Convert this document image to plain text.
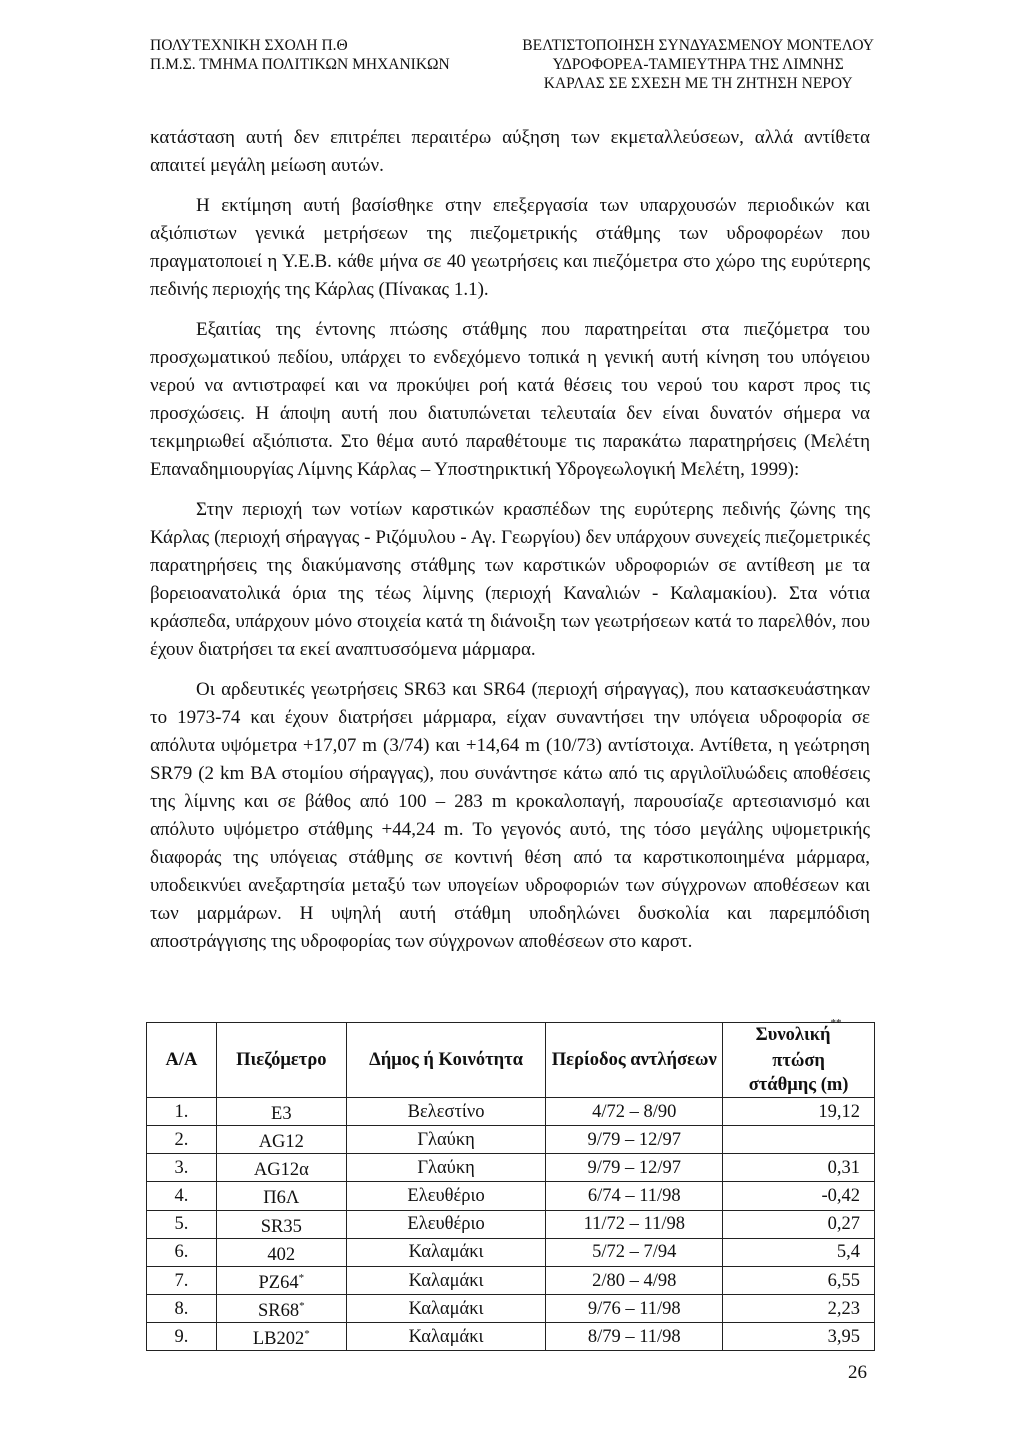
ΠΟΛΥΤΕΧΝΙΚΗ ΣΧΟΛΗ Π.Θ
Π.Μ.Σ. ΤΜΗΜΑ ΠΟΛΙΤΙΚΩΝ ΜΗΧΑΝΙΚΩΝ
ΒΕΛΤΙΣΤΟΠΟΙΗΣΗ ΣΥΝΔΥΑΣΜΕΝΟΥ ΜΟΝΤΕΛΟΥ
ΥΔΡΟΦΟΡΕΑ-ΤΑΜΙΕΥΤΗΡΑ ΤΗΣ ΛΙΜΝΗΣ
ΚΑΡΛΑΣ ΣΕ ΣΧΕΣΗ ΜΕ ΤΗ ΖΗΤΗΣΗ ΝΕΡΟΥ

κατάσταση αυτή δεν επιτρέπει περαιτέρω αύξηση των εκμεταλλεύσεων, αλλά αντίθετα απαιτεί μεγάλη μείωση αυτών.

Η εκτίμηση αυτή βασίσθηκε στην επεξεργασία των υπαρχουσών περιοδικών και αξιόπιστων γενικά μετρήσεων της πιεζομετρικής στάθμης των υδροφορέων που πραγματοποιεί η Υ.Ε.Β. κάθε μήνα σε 40 γεωτρήσεις και πιεζόμετρα στο χώρο της ευρύτερης πεδινής περιοχής της Κάρλας (Πίνακας 1.1).

Εξαιτίας της έντονης πτώσης στάθμης που παρατηρείται στα πιεζόμετρα του προσχωματικού πεδίου, υπάρχει το ενδεχόμενο τοπικά η γενική αυτή κίνηση του υπόγειου νερού να αντιστραφεί και να προκύψει ροή κατά θέσεις του νερού του καρστ προς τις προσχώσεις. Η άποψη αυτή που διατυπώνεται τελευταία δεν είναι δυνατόν σήμερα να τεκμηριωθεί αξιόπιστα. Στο θέμα αυτό παραθέτουμε τις παρακάτω παρατηρήσεις (Μελέτη Επαναδημιουργίας Λίμνης Κάρλας – Υποστηρικτική Υδρογεωλογική Μελέτη, 1999):

Στην περιοχή των νοτίων καρστικών κρασπέδων της ευρύτερης πεδινής ζώνης της Κάρλας (περιοχή σήραγγας - Ριζόμυλου - Αγ. Γεωργίου) δεν υπάρχουν συνεχείς πιεζομετρικές παρατηρήσεις της διακύμανσης στάθμης των καρστικών υδροφοριών σε αντίθεση με τα βορειοανατολικά όρια της τέως λίμνης (περιοχή Καναλιών - Καλαμακίου). Στα νότια κράσπεδα, υπάρχουν μόνο στοιχεία κατά τη διάνοιξη των γεωτρήσεων κατά το παρελθόν, που έχουν διατρήσει τα εκεί αναπτυσσόμενα μάρμαρα.

Οι αρδευτικές γεωτρήσεις SR63 και SR64 (περιοχή σήραγγας), που κατασκευάστηκαν το 1973-74 και έχουν διατρήσει μάρμαρα, είχαν συναντήσει την υπόγεια υδροφορία σε απόλυτα υψόμετρα +17,07 m (3/74) και +14,64 m (10/73) αντίστοιχα. Αντίθετα, η γεώτρηση SR79 (2 km ΒΑ στομίου σήραγγας), που συνάντησε κάτω από τις αργιλοϊλυώδεις αποθέσεις της λίμνης και σε βάθος από 100 – 283 m κροκαλοπαγή, παρουσίαζε αρτεσιανισμό και απόλυτο υψόμετρο στάθμης +44,24 m. Το γεγονός αυτό, της τόσο μεγάλης υψομετρικής διαφοράς της υπόγειας στάθμης σε κοντινή θέση από τα καρστικοποιημένα μάρμαρα, υποδεικνύει ανεξαρτησία μεταξύ των υπογείων υδροφοριών των σύγχρονων αποθέσεων και των μαρμάρων. Η υψηλή αυτή στάθμη υποδηλώνει δυσκολία και παρεμπόδιση αποστράγγισης της υδροφορίας των σύγχρονων αποθέσεων στο καρστ.

Α/Α	Πιεζόμετρο	Δήμος ή Κοινότητα	Περίοδος αντλήσεων	Συνολική**
πτώση
στάθμης (m)
1.	Ε3	Βελεστίνο	4/72 – 8/90	19,12
2.	AG12	Γλαύκη	9/79 – 12/97	
3.	AG12α	Γλαύκη	9/79 – 12/97	0,31
4.	Π6Λ	Ελευθέριο	6/74 – 11/98	-0,42
5.	SR35	Ελευθέριο	11/72 – 11/98	0,27
6.	402	Καλαμάκι	5/72 – 7/94	5,4
7.	PZ64*	Καλαμάκι	2/80 – 4/98	6,55
8.	SR68*	Καλαμάκι	9/76 – 11/98	2,23
9.	LB202*	Καλαμάκι	8/79 – 11/98	3,95
26
